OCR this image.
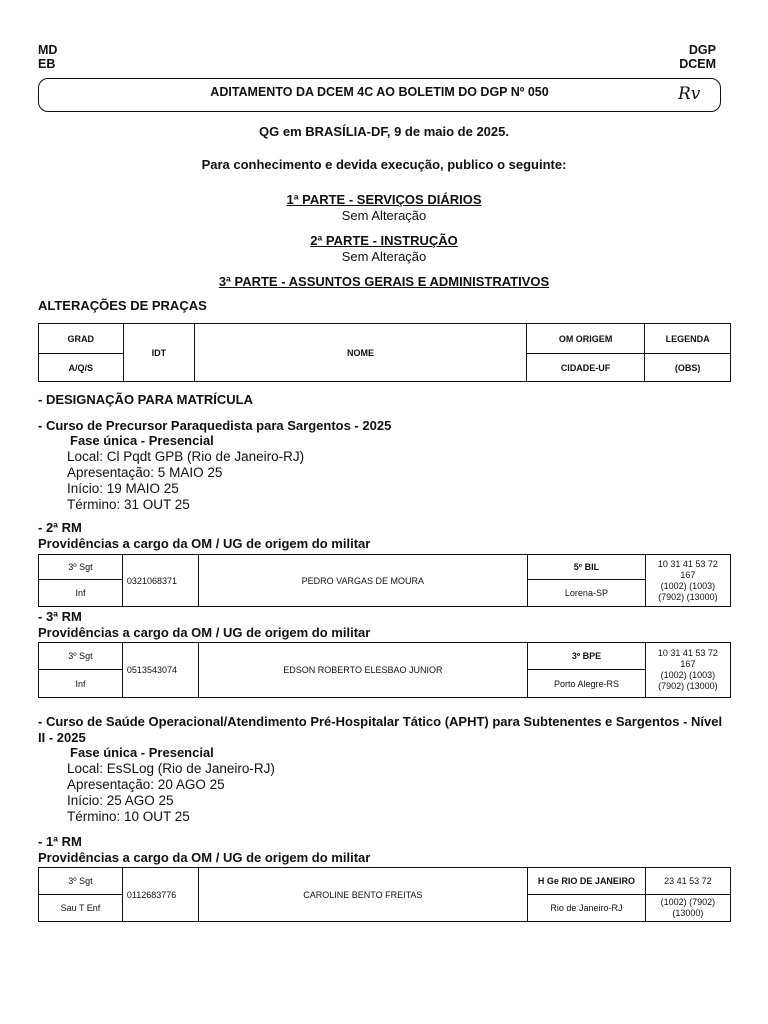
MD
EB
DGP
DCEM
ADITAMENTO DA DCEM 4C AO BOLETIM DO DGP Nº 050	Rv
QG em BRASÍLIA-DF, 9 de maio de 2025.
Para conhecimento e devida execução, publico o seguinte:
1ª PARTE - SERVIÇOS DIÁRIOS
Sem Alteração
2ª PARTE - INSTRUÇÃO
Sem Alteração
3ª PARTE - ASSUNTOS GERAIS E ADMINISTRATIVOS
ALTERAÇÕES DE PRAÇAS
GRAD	IDT	NOME	OM ORIGEM	LEGENDA
A/Q/S			CIDADE-UF	(OBS)
- DESIGNAÇÃO PARA MATRÍCULA
- Curso de Precursor Paraquedista para Sargentos - 2025
Fase única - Presencial
Local: Cl Pqdt GPB (Rio de Janeiro-RJ)
Apresentação: 5 MAIO 25
Início: 19 MAIO 25
Término: 31 OUT 25
- 2ª RM
Providências a cargo da OM / UG de origem do militar
3º Sgt	0321068371	PEDRO VARGAS DE MOURA	5º BIL	10 31 41 53 72
167
(1002) (1003)
(7902) (13000)

Inf			Lorena-SP	
- 3ª RM
Providências a cargo da OM / UG de origem do militar
3º Sgt	0513543074	EDSON ROBERTO ELESBAO JUNIOR	3º BPE	10 31 41 53 72
167
(1002) (1003)
(7902) (13000)

Inf			Porto Alegre-RS	
- Curso de Saúde Operacional/Atendimento Pré-Hospitalar Tático (APHT) para Subtenentes e Sargentos - Nível
II - 2025
Fase única - Presencial
Local: EsSLog (Rio de Janeiro-RJ)
Apresentação: 20 AGO 25
Início: 25 AGO 25
Término: 10 OUT 25
- 1ª RM
Providências a cargo da OM / UG de origem do militar
3º Sgt	0112683776	CAROLINE BENTO FREITAS	H Ge RIO DE JANEIRO	23 41 53 72
Sau T Enf			Rio de Janeiro-RJ	(1002) (7902)
(13000)
